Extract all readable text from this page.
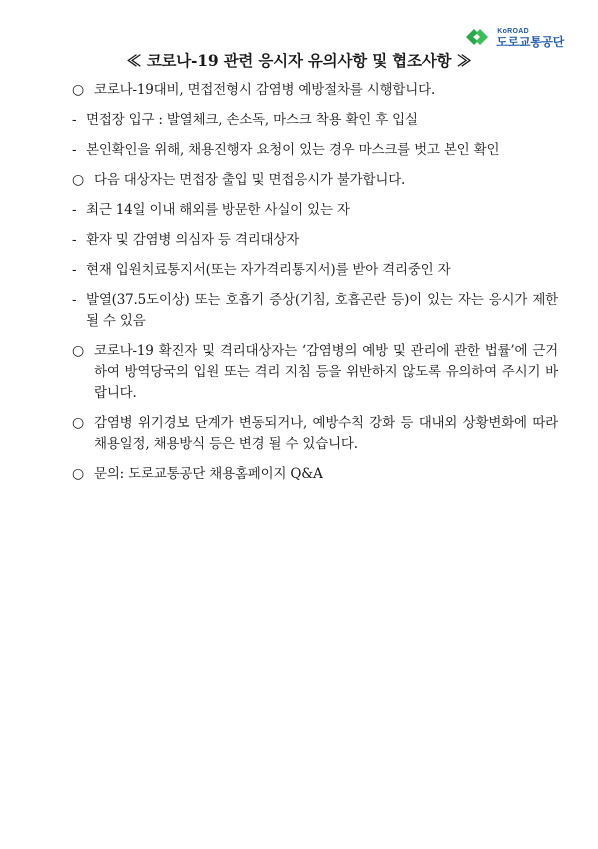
KoROAD
도로교통공단
≪ 코로나-19 관련 응시자 유의사항 및 협조사항 ≫
○ 코로나-19대비, 면접전형시 감염병 예방절차를 시행합니다.
- 면접장 입구 : 발열체크, 손소독, 마스크 착용 확인 후 입실
- 본인확인을 위해, 채용진행자 요청이 있는 경우 마스크를 벗고 본인 확인
○ 다음 대상자는 면접장 출입 및 면접응시가 불가합니다.
- 최근 14일 이내 해외를 방문한 사실이 있는 자
- 환자 및 감염병 의심자 등 격리대상자
- 현재 입원치료통지서(또는 자가격리통지서)를 받아 격리중인 자
- 발열(37.5도이상) 또는 호흡기 증상(기침, 호흡곤란 등)이 있는 자는 응시가 제한될 수 있음
○ 코로나-19 확진자 및 격리대상자는 ‘감염병의 예방 및 관리에 관한 법률’에 근거하여 방역당국의 입원 또는 격리 지침 등을 위반하지 않도록 유의하여 주시기 바랍니다.
○ 감염병 위기경보 단계가 변동되거나, 예방수칙 강화 등 대내외 상황변화에 따라 채용일정, 채용방식 등은 변경 될 수 있습니다.
○ 문의: 도로교통공단 채용홈페이지 Q&A
